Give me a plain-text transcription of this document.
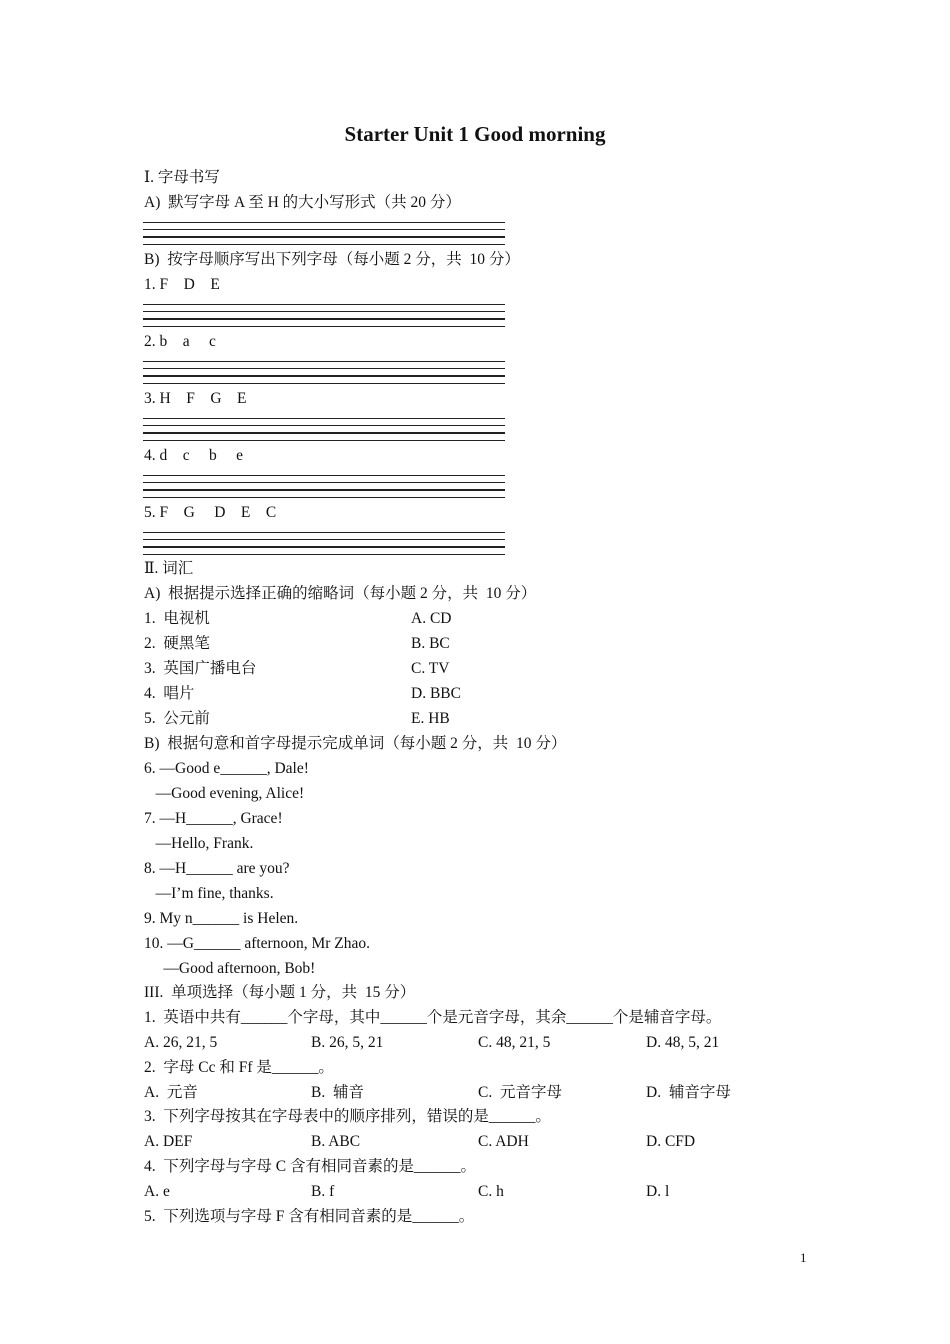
Starter Unit 1 Good morning
Ⅰ. 字母书写
A)  默写字母 A 至 H 的大小写形式（共 20 分）
B)  按字母顺序写出下列字母（每小题 2 分，共  10 分）
1. F    D    E
2. b    a     c
3. H    F    G    E
4. d    c     b     e
5. F    G     D    E    C
Ⅱ. 词汇
A)  根据提示选择正确的缩略词（每小题 2 分，共  10 分）
1.  电视机	A. CD
2.  硬黑笔	B. BC
3.  英国广播电台	C. TV
4.  唱片	D. BBC
5.  公元前	E. HB
B)  根据句意和首字母提示完成单词（每小题 2 分，共  10 分）
6. —Good e______, Dale!
—Good evening, Alice!
7. —H______, Grace!
—Hello, Frank.
8. —H______ are you?
—I’m fine, thanks.
9. My n______ is Helen.
10. —G______ afternoon, Mr Zhao.
—Good afternoon, Bob!
III.  单项选择（每小题 1 分，共  15 分）
1.  英语中共有______个字母，其中______个是元音字母，其余______个是辅音字母。
A. 26, 21, 5	B. 26, 5, 21	C. 48, 21, 5	D. 48, 5, 21
2.  字母 Cc 和 Ff 是______。
A.  元音	B.  辅音	C.  元音字母	D.  辅音字母
3.  下列字母按其在字母表中的顺序排列，错误的是______。
A. DEF	B. ABC	C. ADH	D. CFD
4.  下列字母与字母 C 含有相同音素的是______。
A. e	B. f	C. h	D. l
5.  下列选项与字母 F 含有相同音素的是______。
1
